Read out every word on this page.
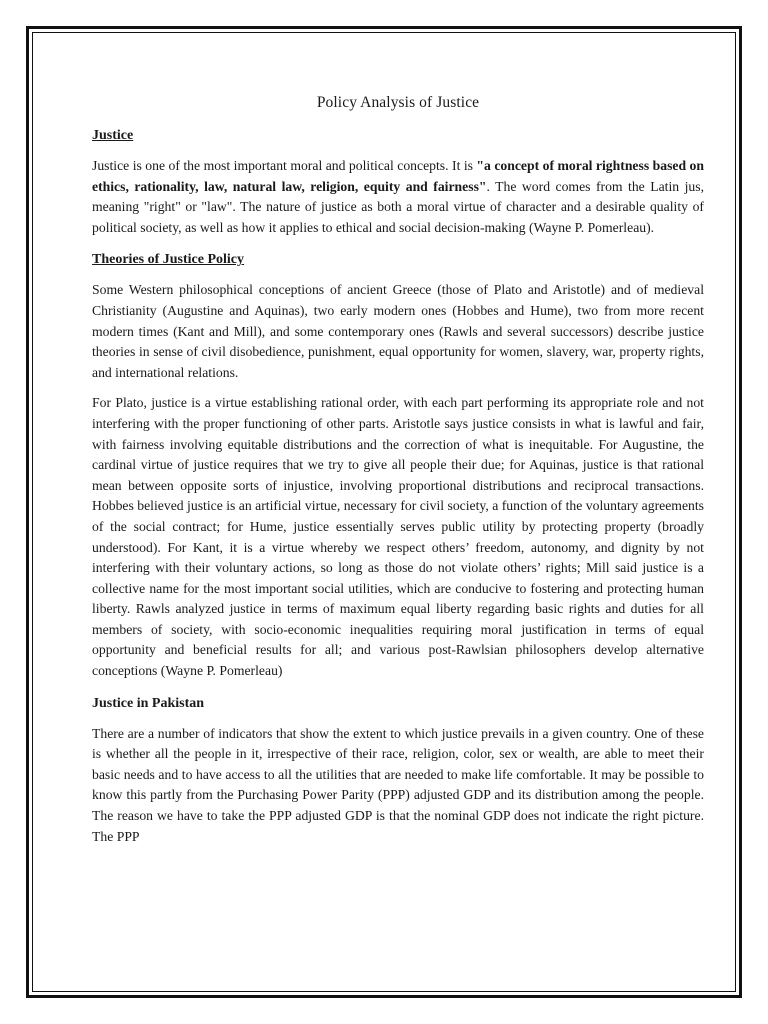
Policy Analysis of Justice
Justice

Justice is one of the most important moral and political concepts. It is "a concept of moral rightness based on ethics, rationality, law, natural law, religion, equity and fairness". The word comes from the Latin jus, meaning "right" or "law". The nature of justice as both a moral virtue of character and a desirable quality of political society, as well as how it applies to ethical and social decision-making (Wayne P. Pomerleau).

Theories of Justice Policy

Some Western philosophical conceptions of ancient Greece (those of Plato and Aristotle) and of medieval Christianity (Augustine and Aquinas), two early modern ones (Hobbes and Hume), two from more recent modern times (Kant and Mill), and some contemporary ones (Rawls and several successors) describe justice theories in sense of civil disobedience, punishment, equal opportunity for women, slavery, war, property rights, and international relations.

For Plato, justice is a virtue establishing rational order, with each part performing its appropriate role and not interfering with the proper functioning of other parts. Aristotle says justice consists in what is lawful and fair, with fairness involving equitable distributions and the correction of what is inequitable. For Augustine, the cardinal virtue of justice requires that we try to give all people their due; for Aquinas, justice is that rational mean between opposite sorts of injustice, involving proportional distributions and reciprocal transactions. Hobbes believed justice is an artificial virtue, necessary for civil society, a function of the voluntary agreements of the social contract; for Hume, justice essentially serves public utility by protecting property (broadly understood). For Kant, it is a virtue whereby we respect others’ freedom, autonomy, and dignity by not interfering with their voluntary actions, so long as those do not violate others’ rights; Mill said justice is a collective name for the most important social utilities, which are conducive to fostering and protecting human liberty. Rawls analyzed justice in terms of maximum equal liberty regarding basic rights and duties for all members of society, with socio-economic inequalities requiring moral justification in terms of equal opportunity and beneficial results for all; and various post-Rawlsian philosophers develop alternative conceptions (Wayne P. Pomerleau)

Justice in Pakistan

There are a number of indicators that show the extent to which justice prevails in a given country. One of these is whether all the people in it, irrespective of their race, religion, color, sex or wealth, are able to meet their basic needs and to have access to all the utilities that are needed to make life comfortable. It may be possible to know this partly from the Purchasing Power Parity (PPP) adjusted GDP and its distribution among the people. The reason we have to take the PPP adjusted GDP is that the nominal GDP does not indicate the right picture. The PPP
